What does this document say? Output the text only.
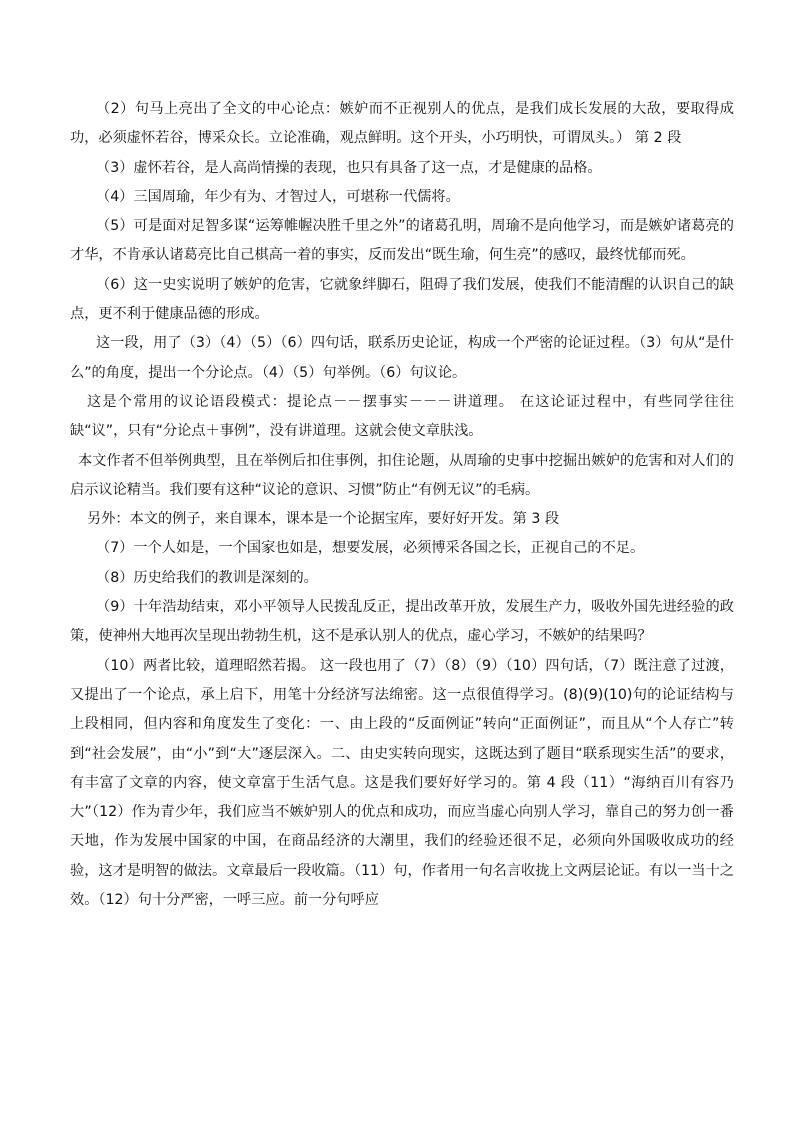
（2）句马上亮出了全文的中心论点：嫉妒而不正视别人的优点，是我们成长发展的大敌，要取得成功，必须虚怀若谷，博采众长。立论准确，观点鲜明。这个开头，小巧明快，可谓凤头。） 第 2 段

（3）虚怀若谷，是人高尚情操的表现，也只有具备了这一点，才是健康的品格。

（4）三国周瑜，年少有为、才智过人，可堪称一代儒将。

（5）可是面对足智多谋“运筹帷幄决胜千里之外”的诸葛孔明，周瑜不是向他学习，而是嫉妒诸葛亮的才华，不肯承认诸葛亮比自己棋高一着的事实，反而发出“既生瑜，何生亮”的感叹，最终忧郁而死。

（6）这一史实说明了嫉妒的危害，它就象绊脚石，阻碍了我们发展，使我们不能清醒的认识自己的缺点，更不利于健康品德的形成。

这一段，用了（3）（4）（5）（6）四句话，联系历史论证，构成一个严密的论证过程。（3）句从“是什么”的角度，提出一个分论点。（4）（5）句举例。（6）句议论。

这是个常用的议论语段模式：提论点－－摆事实－－－讲道理。 在这论证过程中，有些同学往往缺“议”，只有“分论点＋事例”，没有讲道理。这就会使文章肤浅。

本文作者不但举例典型，且在举例后扣住事例，扣住论题，从周瑜的史事中挖掘出嫉妒的危害和对人们的启示议论精当。我们要有这种“议论的意识、习惯”防止“有例无议”的毛病。

另外：本文的例子，来自课本，课本是一个论据宝库，要好好开发。第 3 段

（7）一个人如是，一个国家也如是，想要发展，必须博采各国之长，正视自己的不足。

（8）历史给我们的教训是深刻的。

（9）十年浩劫结束，邓小平领导人民拨乱反正，提出改革开放，发展生产力，吸收外国先进经验的政策，使神州大地再次呈现出勃勃生机，这不是承认别人的优点，虚心学习，不嫉妒的结果吗？

（10）两者比较，道理昭然若揭。 这一段也用了（7）（8）（9）（10）四句话，（7）既注意了过渡，又提出了一个论点，承上启下，用笔十分经济写法绵密。这一点很值得学习。(8)(9)(10)句的论证结构与上段相同，但内容和角度发生了变化：一、由上段的“反面例证”转向“正面例证”，而且从“个人存亡”转到“社会发展”，由“小”到“大”逐层深入。二、由史实转向现实，这既达到了题目“联系现实生活”的要求，有丰富了文章的内容，使文章富于生活气息。这是我们要好好学习的。第 4 段（11）“海纳百川有容乃大”（12）作为青少年，我们应当不嫉妒别人的优点和成功，而应当虚心向别人学习，靠自己的努力创一番天地，作为发展中国家的中国，在商品经济的大潮里，我们的经验还很不足，必须向外国吸收成功的经验，这才是明智的做法。文章最后一段收篇。（11）句，作者用一句名言收拢上文两层论证。有以一当十之效。（12）句十分严密，一呼三应。前一分句呼应
